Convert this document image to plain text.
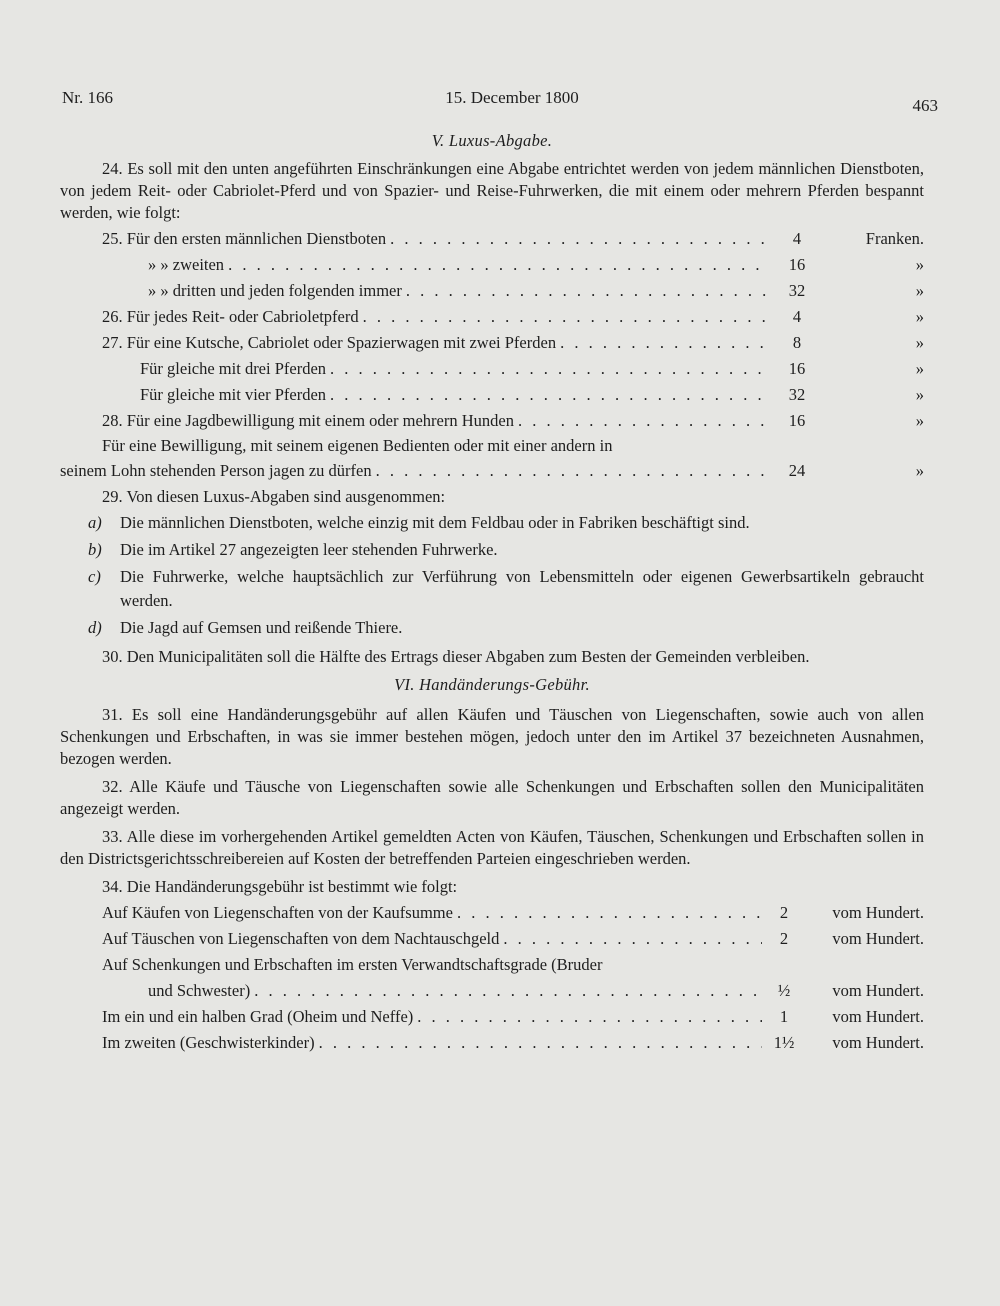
Nr. 166	15. December 1800	463
V. Luxus-Abgabe.

24. Es soll mit den unten angeführten Einschränkungen eine Abgabe entrichtet werden von jedem männlichen Dienstboten, von jedem Reit- oder Cabriolet-Pferd und von Spazier- und Reise-Fuhrwerken, die mit einem oder mehrern Pferden bespannt werden, wie folgt:

25. Für den ersten männlichen Dienstboten . . .	4	Franken.
» » zweiten . . .	16	»
» » dritten und jeden folgenden immer . . .	32	»
26. Für jedes Reit- oder Cabrioletpferd . . .	4	»
27. Für eine Kutsche, Cabriolet oder Spazierwagen mit zwei Pferden . . .	8	»
Für gleiche mit drei Pferden . . .	16	»
Für gleiche mit vier Pferden . . .	32	»
28. Für eine Jagdbewilligung mit einem oder mehrern Hunden . . .	16	»
Für eine Bewilligung, mit seinem eigenen Bedienten oder mit einer andern in
seinem Lohn stehenden Person jagen zu dürfen . . .	24	»

29. Von diesen Luxus-Abgaben sind ausgenommen:

a)	Die männlichen Dienstboten, welche einzig mit dem Feldbau oder in Fabriken beschäftigt sind.
b)	Die im Artikel 27 angezeigten leer stehenden Fuhrwerke.
c)	Die Fuhrwerke, welche hauptsächlich zur Verführung von Lebensmitteln oder eigenen Gewerbsartikeln gebraucht werden.
d)	Die Jagd auf Gemsen und reißende Thiere.

30. Den Municipalitäten soll die Hälfte des Ertrags dieser Abgaben zum Besten der Gemeinden verbleiben.

VI. Handänderungs-Gebühr.

31. Es soll eine Handänderungsgebühr auf allen Käufen und Täuschen von Liegenschaften, sowie auch von allen Schenkungen und Erbschaften, in was sie immer bestehen mögen, jedoch unter den im Artikel 37 bezeichneten Ausnahmen, bezogen werden.

32. Alle Käufe und Täusche von Liegenschaften sowie alle Schenkungen und Erbschaften sollen den Municipalitäten angezeigt werden.

33. Alle diese im vorhergehenden Artikel gemeldten Acten von Käufen, Täuschen, Schenkungen und Erbschaften sollen in den Districtsgerichtsschreibereien auf Kosten der betreffenden Parteien eingeschrieben werden.

34. Die Handänderungsgebühr ist bestimmt wie folgt:

Auf Käufen von Liegenschaften von der Kaufsumme . . .	2	vom Hundert.
Auf Täuschen von Liegenschaften von dem Nachtauschgeld . . .	2	vom Hundert.
Auf Schenkungen und Erbschaften im ersten Verwandtschaftsgrade (Bruder
und Schwester) . . .	½	vom Hundert.
Im ein und ein halben Grad (Oheim und Neffe) . . .	1	vom Hundert.
Im zweiten (Geschwisterkinder) . . .	1½	vom Hundert.
